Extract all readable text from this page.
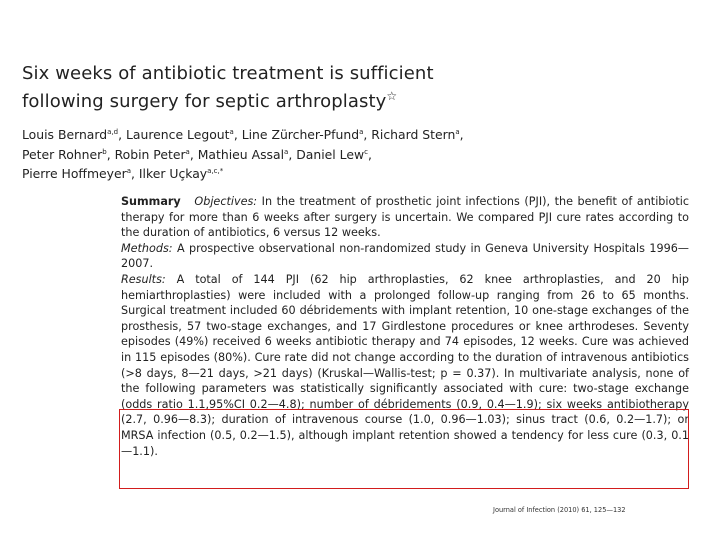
Six weeks of antibiotic treatment is sufficient
following surgery for septic arthroplasty☆
Louis Bernard$^{a,d}$, Laurence Legout$^a$, Line Zürcher-Pfund$^a$, Richard Stern$^a$,
Peter Rohner$^b$, Robin Peter$^a$, Mathieu Assal$^a$, Daniel Lew$^c$,
Pierre Hoffmeyer$^a$, Ilker Uçkay$^{a,c,*}$

Summary Objectives: In the treatment of prosthetic joint infections (PJI), the benefit of antibiotic therapy for more than 6 weeks after surgery is uncertain. We compared PJI cure rates according to the duration of antibiotics, 6 versus 12 weeks.

Methods: A prospective observational non-randomized study in Geneva University Hospitals 1996—2007.

Results: A total of 144 PJI (62 hip arthroplasties, 62 knee arthroplasties, and 20 hip hemiarthroplasties) were included with a prolonged follow-up ranging from 26 to 65 months. Surgical treatment included 60 débridements with implant retention, 10 one-stage exchanges of the prosthesis, 57 two-stage exchanges, and 17 Girdlestone procedures or knee arthrodeses. Seventy episodes (49%) received 6 weeks antibiotic therapy and 74 episodes, 12 weeks. Cure was achieved in 115 episodes (80%). Cure rate did not change according to the duration of intravenous antibiotics (>8 days, 8—21 days, >21 days) (Kruskal—Wallis-test; p = 0.37). In multivariate analysis, none of the following parameters was statistically significantly associated with cure: two-stage exchange (odds ratio 1.1,95%CI 0.2—4.8); number of débridements (0.9, 0.4—1.9); six weeks antibiotherapy (2.7, 0.96—8.3); duration of intravenous course (1.0, 0.96—1.03); sinus tract (0.6, 0.2—1.7); or MRSA infection (0.5, 0.2—1.5), although implant retention showed a tendency for less cure (0.3, 0.1—1.1).

Journal of Infection (2010) 61, 125—132
